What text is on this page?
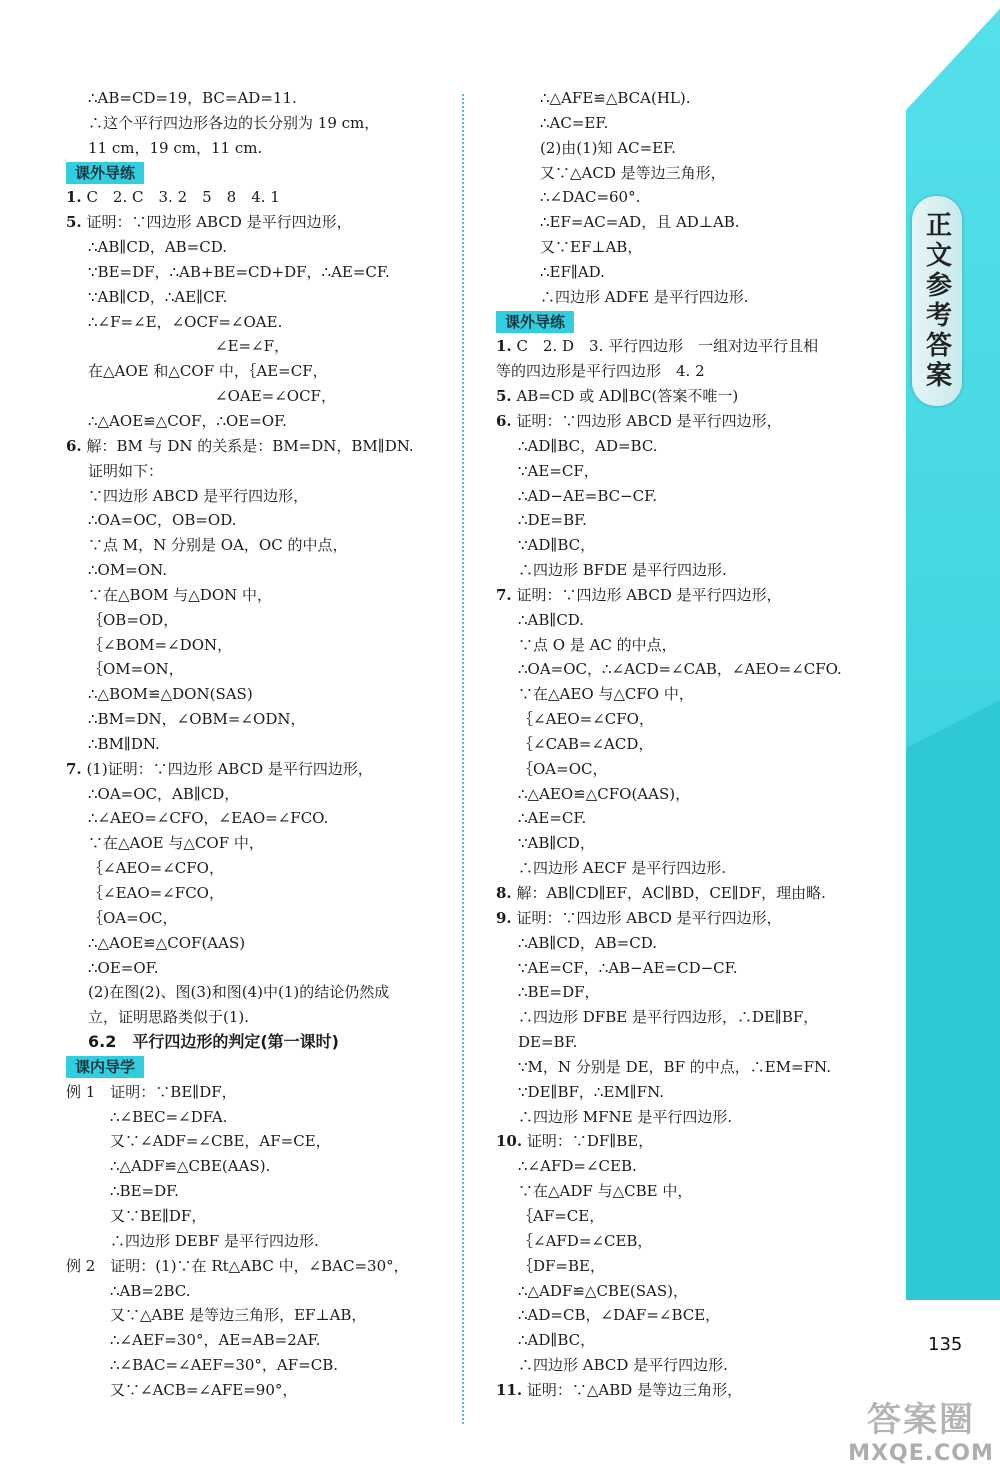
正文参考答案
∴AB=CD=19，BC=AD=11.
∴这个平行四边形各边的长分别为 19 cm，
11 cm，19 cm，11 cm.
课外导练
1. C　2. C　3. 2　5　8　4. 1
5. 证明：∵四边形 ABCD 是平行四边形，
∴AB∥CD，AB=CD.
∵BE=DF，∴AB+BE=CD+DF，∴AE=CF.
∵AB∥CD，∴AE∥CF.
∴∠F=∠E，∠OCF=∠OAE.
　　　　　　　∠E=∠F，
在△AOE 和△COF 中，｛AE=CF，
　　　　　　　∠OAE=∠OCF，
∴△AOE≌△COF，∴OE=OF.
6. 解：BM 与 DN 的关系是：BM=DN，BM∥DN.
证明如下：
∵四边形 ABCD 是平行四边形，
∴OA=OC，OB=OD.
∵点 M，N 分别是 OA，OC 的中点，
∴OM=ON.
∵在△BOM 与△DON 中，
｛OB=OD，
｛∠BOM=∠DON，
｛OM=ON，
∴△BOM≌△DON(SAS)
∴BM=DN，∠OBM=∠ODN，
∴BM∥DN.
7. (1)证明：∵四边形 ABCD 是平行四边形，
∴OA=OC，AB∥CD，
∴∠AEO=∠CFO，∠EAO=∠FCO.
∵在△AOE 与△COF 中，
｛∠AEO=∠CFO，
｛∠EAO=∠FCO，
｛OA=OC，
∴△AOE≌△COF(AAS)
∴OE=OF.
(2)在图(2)、图(3)和图(4)中(1)的结论仍然成
立，证明思路类似于(1).
6.2　平行四边形的判定(第一课时)
课内导学
例 1　证明：∵BE∥DF，
∴∠BEC=∠DFA.
又∵∠ADF=∠CBE，AF=CE，
∴△ADF≌△CBE(AAS).
∴BE=DF.
又∵BE∥DF，
∴四边形 DEBF 是平行四边形.
例 2　证明：(1)∵在 Rt△ABC 中，∠BAC=30°，
∴AB=2BC.
又∵△ABE 是等边三角形，EF⊥AB，
∴∠AEF=30°，AE=AB=2AF.
∴∠BAC=∠AEF=30°，AF=CB.
又∵∠ACB=∠AFE=90°，
∴△AFE≌△BCA(HL).
∴AC=EF.
(2)由(1)知 AC=EF.
又∵△ACD 是等边三角形，
∴∠DAC=60°.
∴EF=AC=AD，且 AD⊥AB.
又∵EF⊥AB，
∴EF∥AD.
∴四边形 ADFE 是平行四边形.
课外导练
1. C　2. D　3. 平行四边形　一组对边平行且相
等的四边形是平行四边形　4. 2
5. AB=CD 或 AD∥BC(答案不唯一)
6. 证明：∵四边形 ABCD 是平行四边形，
∴AD∥BC，AD=BC.
∵AE=CF，
∴AD−AE=BC−CF.
∴DE=BF.
∵AD∥BC，
∴四边形 BFDE 是平行四边形.
7. 证明：∵四边形 ABCD 是平行四边形，
∴AB∥CD.
∵点 O 是 AC 的中点，
∴OA=OC，∴∠ACD=∠CAB，∠AEO=∠CFO.
∵在△AEO 与△CFO 中，
｛∠AEO=∠CFO，
｛∠CAB=∠ACD，
｛OA=OC，
∴△AEO≌△CFO(AAS)，
∴AE=CF.
∵AB∥CD，
∴四边形 AECF 是平行四边形.
8. 解：AB∥CD∥EF，AC∥BD，CE∥DF，理由略.
9. 证明：∵四边形 ABCD 是平行四边形，
∴AB∥CD，AB=CD.
∵AE=CF，∴AB−AE=CD−CF.
∴BE=DF，
∴四边形 DFBE 是平行四边形，∴DE∥BF，
DE=BF.
∵M，N 分别是 DE，BF 的中点，∴EM=FN.
∵DE∥BF，∴EM∥FN.
∴四边形 MFNE 是平行四边形.
10. 证明：∵DF∥BE，
∴∠AFD=∠CEB.
∵在△ADF 与△CBE 中，
｛AF=CE，
｛∠AFD=∠CEB，
｛DF=BE，
∴△ADF≌△CBE(SAS)，
∴AD=CB，∠DAF=∠BCE，
∴AD∥BC，
∴四边形 ABCD 是平行四边形.
11. 证明：∵△ABD 是等边三角形，
135
答案圈
MXQE.COM
